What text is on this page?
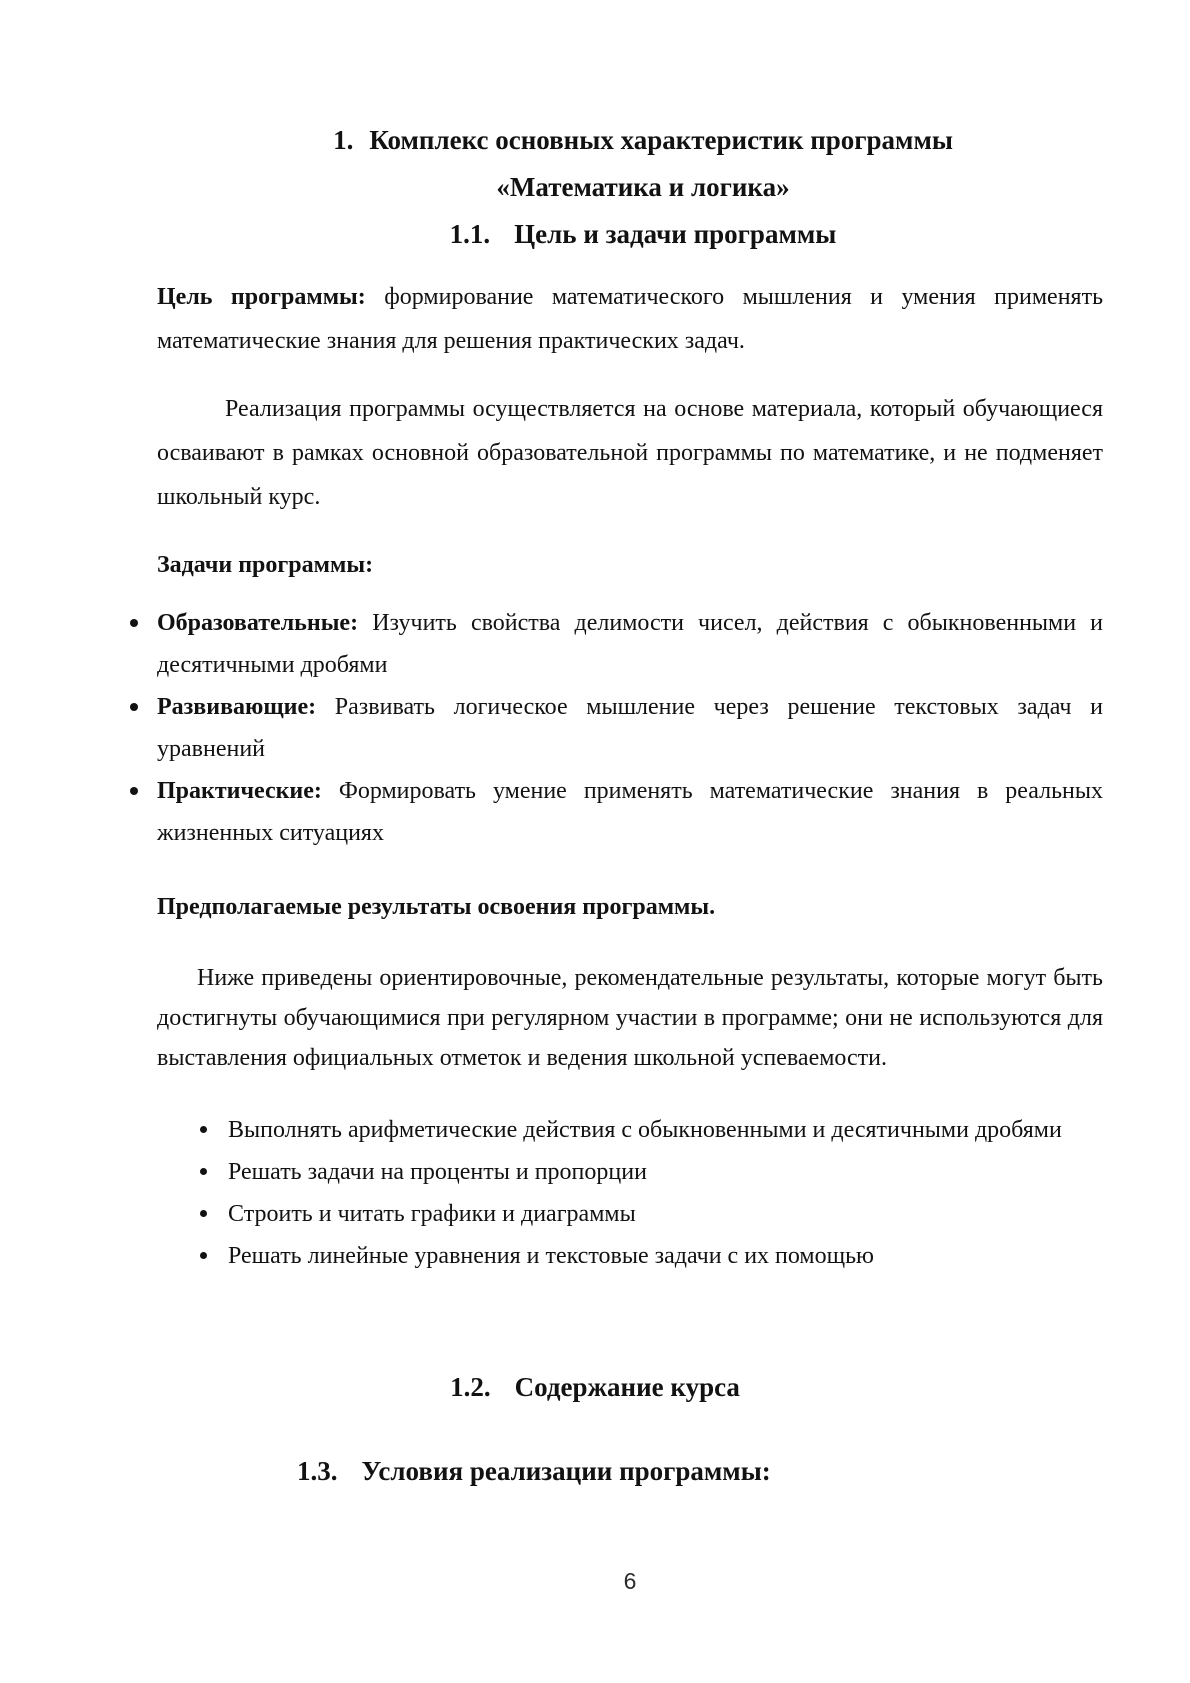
1. Комплекс основных характеристик программы
«Математика и логика»
1.1. Цель и задачи программы

Цель программы: формирование математического мышления и умения применять математические знания для решения практических задач.

Реализация программы осуществляется на основе материала, который обучающиеся осваивают в рамках основной образовательной программы по математике, и не подменяет школьный курс.

Задачи программы:
Образовательные: Изучить свойства делимости чисел, действия с обыкновенными и десятичными дробями
Развивающие: Развивать логическое мышление через решение текстовых задач и уравнений
Практические: Формировать умение применять математические знания в реальных жизненных ситуациях
Предполагаемые результаты освоения программы.

Ниже приведены ориентировочные, рекомендательные результаты, которые могут быть достигнуты обучающимися при регулярном участии в программе; они не используются для выставления официальных отметок и ведения школьной успеваемости.

Выполнять арифметические действия с обыкновенными и десятичными дробями
Решать задачи на проценты и пропорции
Строить и читать графики и диаграммы
Решать линейные уравнения и текстовые задачи с их помощью
1.2. Содержание курса
1.3. Условия реализации программы:
6
